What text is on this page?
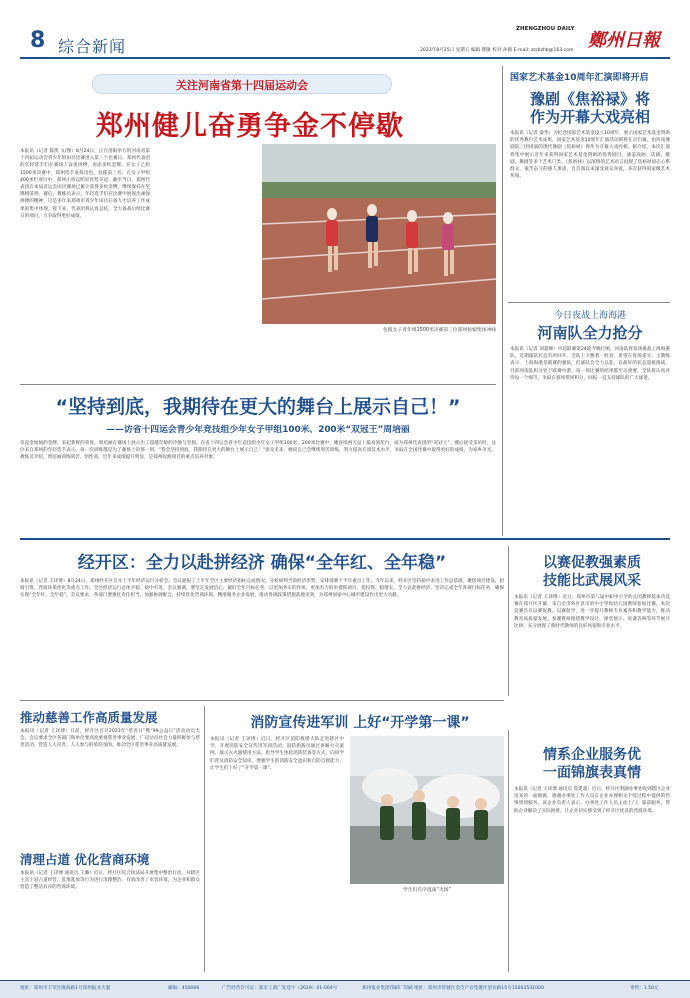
8 综合新闻
ZHENGZHOU DAILY
鄭州日報
2023年8月25日 星期五 编辑 瞿敏 校对 孙鹤 E-mail: zzrbzhb@163.com
关注河南省第十四届运动会
郑州健儿奋勇争金不停歇
本报讯（记者 陈凯 文/图）8月24日，正在洛阳举行的河南省第十四届运动会青少年组田径比赛进入第三个比赛日，郑州代表团的年轻选手们在赛场上奋勇拼搏，再添多枚金牌。在女子乙组1500米决赛中，郑州选手发挥出色，包揽前三名；在女子甲组400米栏项目中，郑州小将以明显优势夺冠。截至当日，郑州代表团在本届省运会田径赛场已累计获得多枚金牌，继续保持在奖牌榜前列。赛后，教练员表示，年轻选手们在比赛中展现出顽强拼搏的精神，这是多年来郑州市青少年田径后备人才培养工作成果的集中体现。接下来，代表团将认真总结，全力备战后续比赛日的项目，力争取得更好成绩。
包揽女子青年组1500米决赛前三位郑州姑娘集体冲线
“坚持到底，我期待在更大的舞台上展示自己！”
——访省十四运会青少年竞技组少年女子甲组100米、200米“双冠王”周培丽
章起金灿灿的金牌，来起新鲜的荣誉，周培丽在赛场上展示出了超越年龄的冷静与坚韧。在省十四运会青少年竞技组少年女子甲组100米、200米比赛中，她连续两天站上最高领奖台，成为郑州代表团的“双冠王”。赛后接受采访时，这位来自郑州的年轻选手表示，每一次训练都是为了赛场上的那一刻，“我会坚持到底，我期待在更大的舞台上展示自己！”谈及未来，她说自己会继续刻苦训练，努力提高专项技术水平，争取在全国比赛中取得更好的成绩，为家乡争光。教练员介绍，周培丽训练刻苦、悟性高，近年来成绩提升明显，是郑州短跑项目的重点培养对象。
国家艺术基金10周年汇演即将开启
豫剧《焦裕禄》将
作为开幕大戏亮相
本报讯（记者 秦华）为纪念国家艺术基金设立10周年，展示国家艺术基金资助的优秀舞台艺术成果，国家艺术基金10周年汇演活动即将在京启幕。由河南豫剧院三团排演的现代豫剧《焦裕禄》将作为开幕大戏亮相。据介绍，本次汇演将集中展示近年来获得国家艺术基金资助的优秀剧目，涵盖戏曲、话剧、歌剧、舞剧等多个艺术门类。《焦裕禄》以深情的艺术语言再现了焦裕禄同志心系群众、艰苦奋斗的感人事迹，自首演以来深受观众喜爱，多次获得国家级艺术奖项。
今日夜战上海海港
河南队全力抢分
本报讯（记者 刘超峰）中超联赛第24轮今晚打响，河南队将客场挑战上海海港队。近期球队状态有所回升，全队上下憋着一股劲，希望在客场拿分。主教练表示，上海海港是联赛的强队，但球队会全力以赴，以最好的状态迎接挑战。目前河南队积分处于联赛中游，每一场比赛的结果都至关重要，全队将认真对待每一个细节，争取在客场带回积分，回报一直支持球队的广大球迷。
经开区：全力以赴拼经济 确保“全年红、全年稳”
本报讯（记者 王译博）8月24日，郑州经开区召开上半年经济运行分析会。会议通报了上半年全区主要经济指标完成情况，分析研判当前经济形势，安排部署下半年重点工作。今年以来，经开区坚持稳中求进工作总基调，聚焦项目建设、招商引资、营商环境优化等重点工作，全区经济运行总体平稳、稳中有进。会议强调，要坚定发展信心，紧盯全年目标任务，以更加务实的作风、更加有力的举措抓项目、促投资、稳增长，全力以赴拼经济，坚决完成全年各项目标任务，确保实现“全年红、全年稳”。会议要求，各部门要强化责任担当，加强协调配合，持续优化营商环境，精准服务企业发展，推动各项政策措施落地见效，为郑州国家中心城市建设作出更大贡献。
以赛促教强素质
技能比武展风采
本报讯（记者 王译博）近日，郑州市第八届中职中小学幼儿园教师基本功竞赛在郑开区开幕，来自全市各区县市的中小学和幼儿园教师参加比赛。本次竞赛旨在以赛促教、以赛促学，进一步提升教师专业素养和教学能力，推动教育高质量发展。参赛教师围绕教学设计、课堂展示、说课答辩等环节展开比拼，充分展现了新时代教师的良好风貌和专业水平。
推动慈善工作高质量发展
本报讯（记者 王译博）日前，经开区召开2023年“慈善日”暨“99公益日”活动动员大会，会议要求全区各部门和单位要高度重视慈善事业发展，广泛动员社会力量积极参与慈善活动，营造人人向善、人人参与的浓厚氛围，推动全区慈善事业高质量发展。
清理占道 优化营商环境
本报讯（记者 王译博 通讯员 王璐）近日，经开区综合执法局开展集中整治行动，对辖区主次干道占道经营、乱堆乱放等行为进行清理整治，有效改善了市容环境，为企业和群众营造了整洁有序的营商环境。
消防宣传进军训 上好“开学第一课”
本报讯（记者 王译博）近日，经开区消防救援大队走进辖区中学，开展消防安全宣传进军训活动。消防指战员通过讲解火灾案例、演示灭火器使用方法、指导学生体验消防装备等方式，向同学们普及消防安全知识，增强学生的消防安全意识和自防自救能力，让学生们上好了“开学第一课”。
学生们有序逃离“火场”
情系企业服务优
一面锦旗表真情
本报讯（记者 王译博 通讯员 焦建超）近日，经开区明湖办事处收到辖区企业送来的一面锦旗，感谢办事处工作人员在企业办理相关手续过程中提供的热情周到服务。该企业负责人表示，办事处工作人员主动上门、靠前服务，帮助企业解决了实际困难，让企业切实感受到了经开区优良的营商环境。
地址：郑州市丰荣区陇海路1号郑州报业大厦	邮编：450006	广告经营许可证：郑市工商广发登字（2019）01-004号	郑州报业集团印刷厂印刷 地址：郑州市管城区金岱产业集聚区创业路15号15603531000	零售：1.50元
